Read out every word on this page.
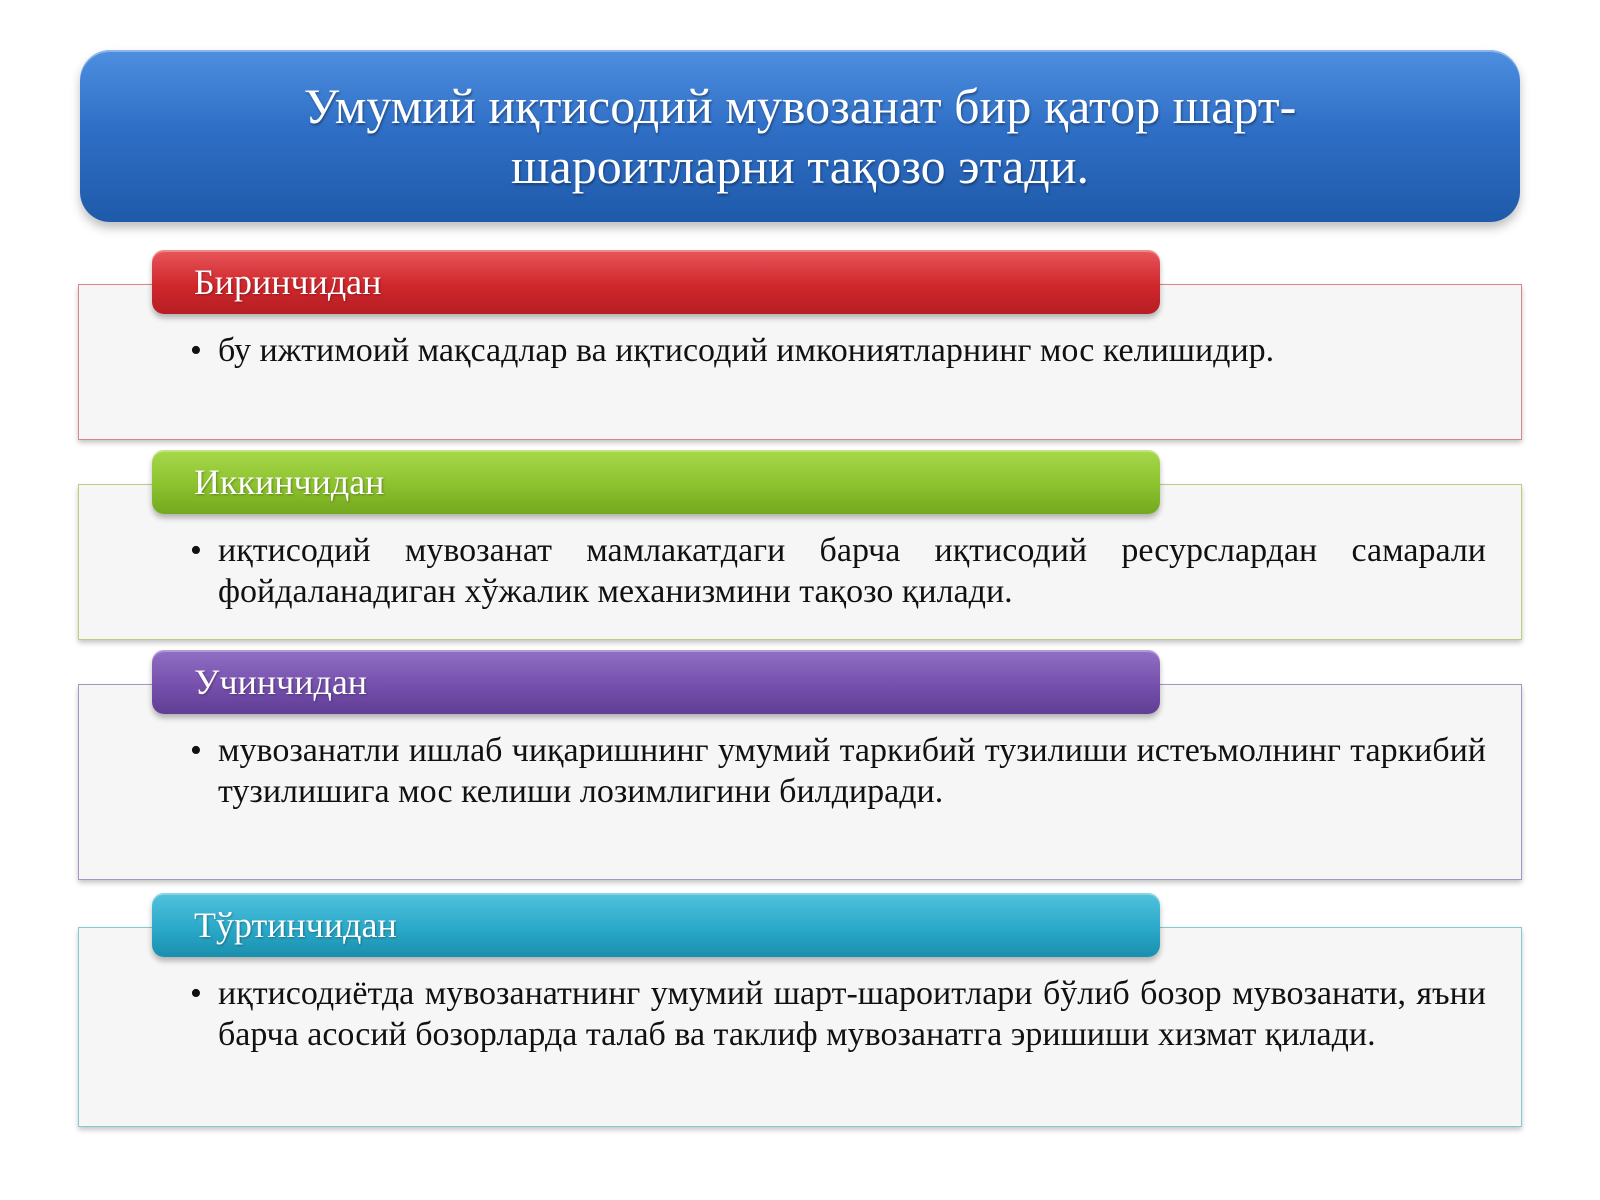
Умумий иқтисодий мувозанат бир қатор шарт-шароитларни тақозо этади.
Биринчидан
• бу ижтимоий мақсадлар ва иқтисодий имкониятларнинг мос келишидир.
Иккинчидан
• иқтисодий мувозанат мамлакатдаги барча иқтисодий ресурслардан самарали фойдаланадиган хўжалик механизмини тақозо қилади.
Учинчидан
• мувозанатли ишлаб чиқаришнинг умумий таркибий тузилиши истеъмолнинг таркибий тузилишига мос келиши лозимлигини билдиради.
Тўртинчидан
• иқтисодиётда мувозанатнинг умумий шарт-шароитлари бўлиб бозор мувозанати, яъни барча асосий бозорларда талаб ва таклиф мувозанатга эришиши хизмат қилади.
